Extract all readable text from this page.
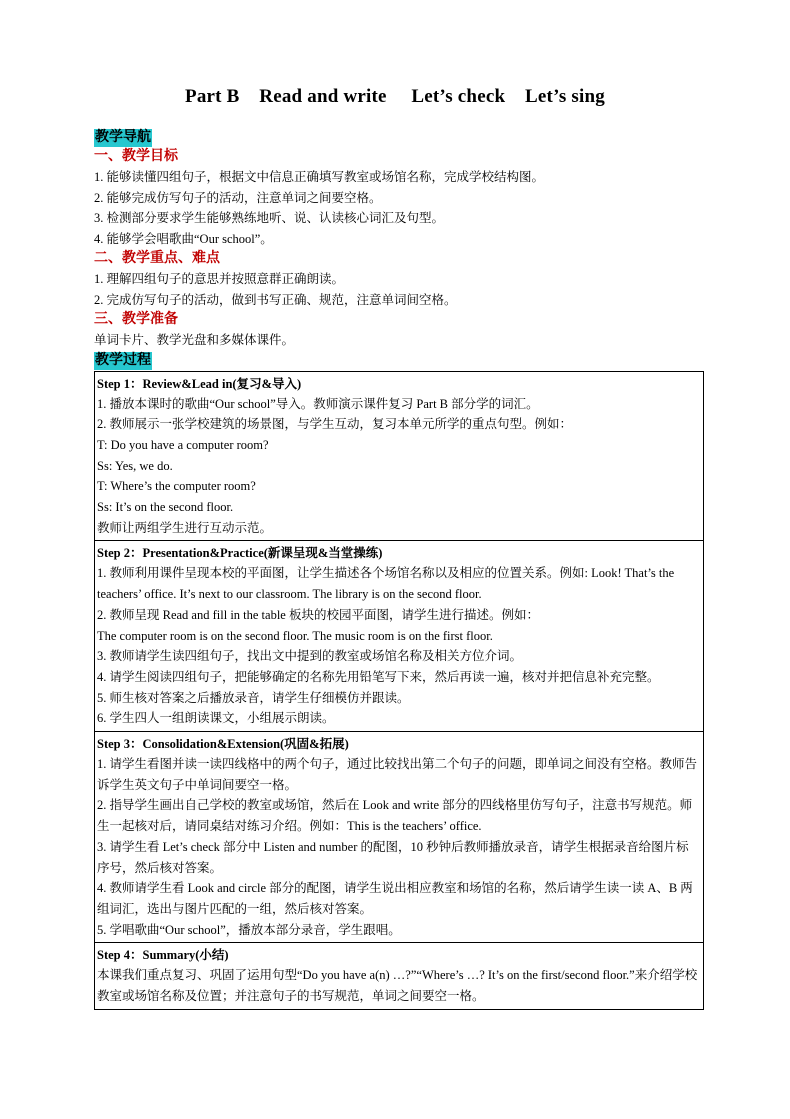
Part B    Read and write     Let’s check    Let’s sing
教学导航
一、教学目标
1. 能够读懂四组句子，根据文中信息正确填写教室或场馆名称，完成学校结构图。
2. 能够完成仿写句子的活动，注意单词之间要空格。
3. 检测部分要求学生能够熟练地听、说、认读核心词汇及句型。
4. 能够学会唱歌曲“Our school”。
二、教学重点、难点
1. 理解四组句子的意思并按照意群正确朗读。
2. 完成仿写句子的活动，做到书写正确、规范，注意单词间空格。
三、教学准备
单词卡片、教学光盘和多媒体课件。
教学过程
Step 1：Review&Lead in(复习&导入)
1. 播放本课时的歌曲“Our school”导入。教师演示课件复习 Part B 部分学的词汇。
2. 教师展示一张学校建筑的场景图，与学生互动，复习本单元所学的重点句型。例如：
T: Do you have a computer room?
Ss: Yes, we do.
T: Where’s the computer room?
Ss: It’s on the second floor.
教师让两组学生进行互动示范。

Step 2：Presentation&Practice(新课呈现&当堂操练)
1. 教师利用课件呈现本校的平面图，让学生描述各个场馆名称以及相应的位置关系。例如: Look! That’s the teachers’ office. It’s next to our classroom. The library is on the second floor.
2. 教师呈现 Read and fill in the table 板块的校园平面图，请学生进行描述。例如：
The computer room is on the second floor. The music room is on the first floor.
3. 教师请学生读四组句子，找出文中提到的教室或场馆名称及相关方位介词。
4. 请学生阅读四组句子，把能够确定的名称先用铅笔写下来，然后再读一遍，核对并把信息补充完整。
5. 师生核对答案之后播放录音，请学生仔细模仿并跟读。
6. 学生四人一组朗读课文，小组展示朗读。

Step 3：Consolidation&Extension(巩固&拓展)
1. 请学生看图并读一读四线格中的两个句子，通过比较找出第二个句子的问题，即单词之间没有空格。教师告诉学生英文句子中单词间要空一格。
2. 指导学生画出自己学校的教室或场馆，然后在 Look and write 部分的四线格里仿写句子，注意书写规范。师生一起核对后，请同桌结对练习介绍。例如：This is the teachers’ office.
3. 请学生看 Let’s check 部分中 Listen and number 的配图，10 秒钟后教师播放录音，请学生根据录音给图片标序号，然后核对答案。
4. 教师请学生看 Look and circle 部分的配图，请学生说出相应教室和场馆的名称，然后请学生读一读 A、B 两组词汇，选出与图片匹配的一组，然后核对答案。
5. 学唱歌曲“Our school”，播放本部分录音，学生跟唱。

Step 4：Summary(小结)
本课我们重点复习、巩固了运用句型“Do you have a(n) …?”“Where’s …? It’s on the first/second floor.”来介绍学校教室或场馆名称及位置；并注意句子的书写规范，单词之间要空一格。
